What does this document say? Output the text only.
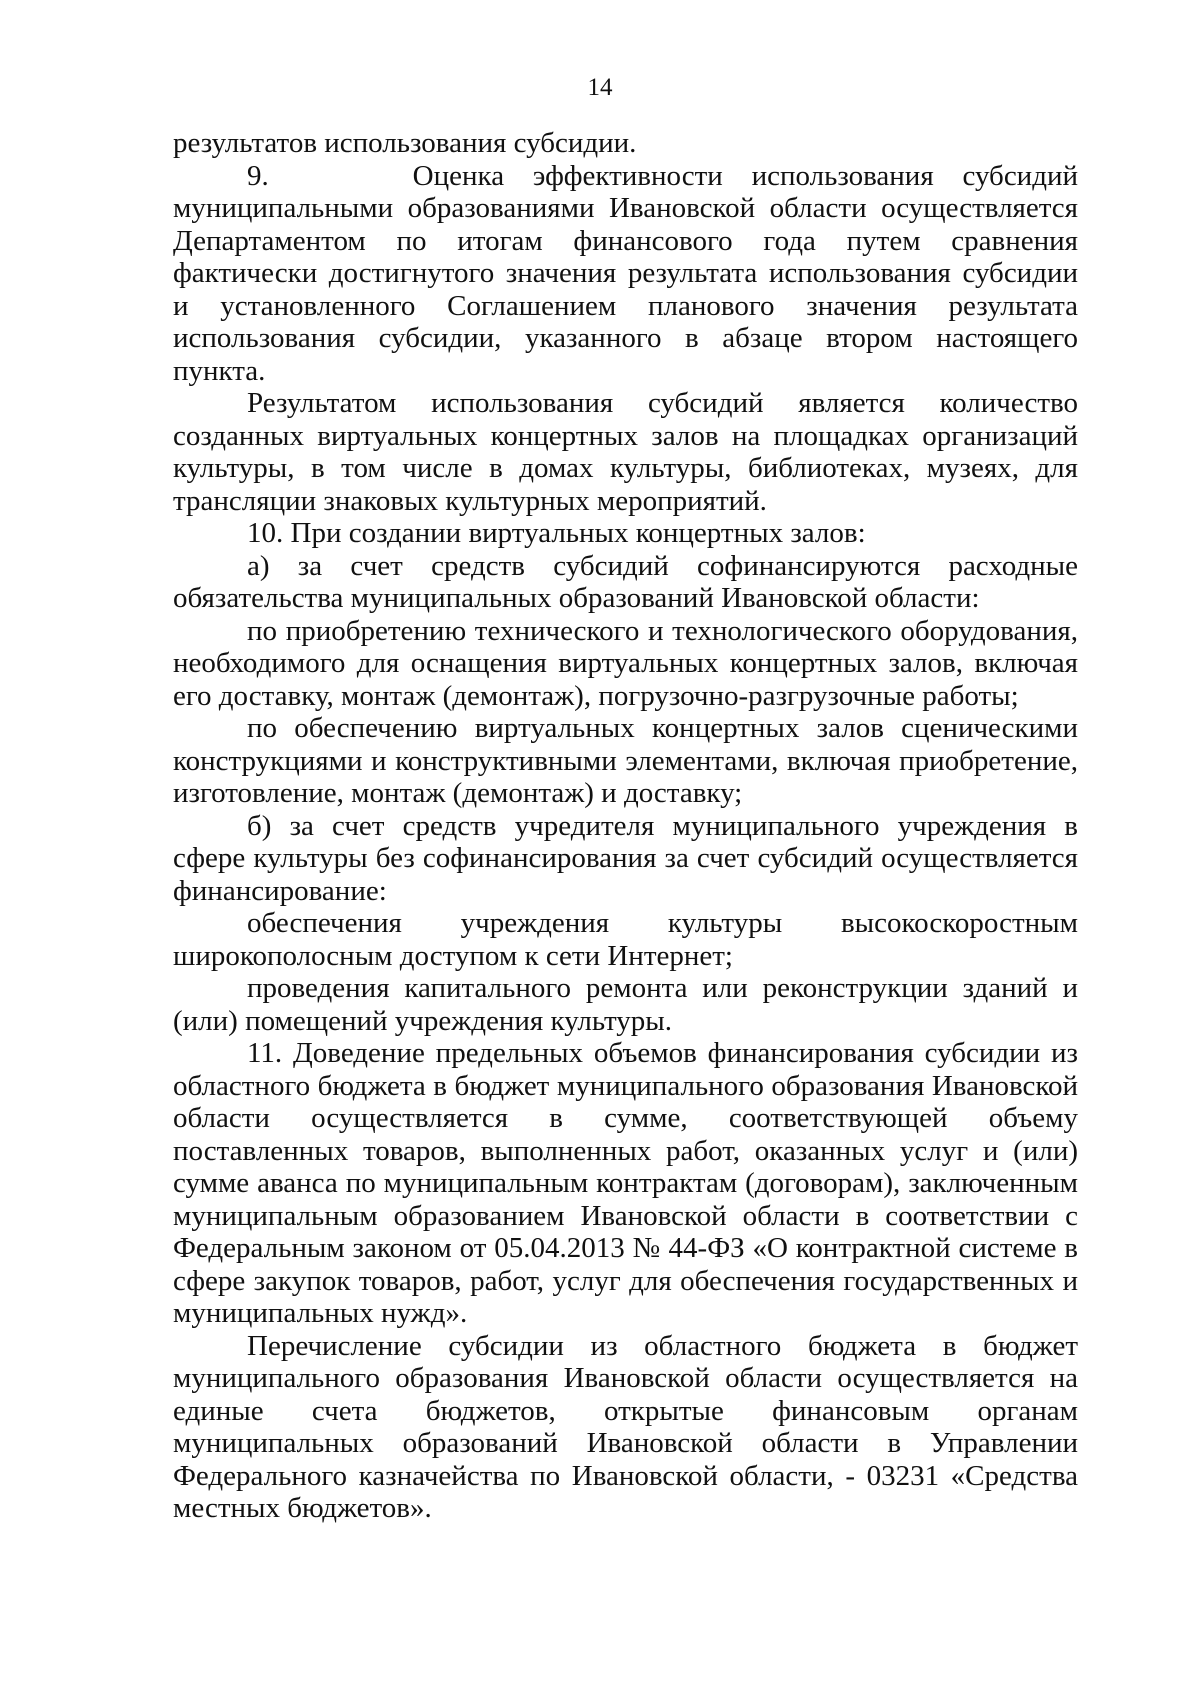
14

результатов использования субсидии.

9.     Оценка эффективности использования субсидий муниципальными образованиями Ивановской области осуществляется Департаментом по итогам финансового года путем сравнения фактически достигнутого значения результата использования субсидии и установленного Соглашением планового значения результата использования субсидии, указанного в абзаце втором настоящего пункта.

Результатом использования субсидий является количество созданных виртуальных концертных залов на площадках организаций культуры, в том числе в домах культуры, библиотеках, музеях, для трансляции знаковых культурных мероприятий.

10. При создании виртуальных концертных залов:

а) за счет средств субсидий софинансируются расходные обязательства муниципальных образований Ивановской области:

по приобретению технического и технологического оборудования, необходимого для оснащения виртуальных концертных залов, включая его доставку, монтаж (демонтаж), погрузочно-разгрузочные работы;

по обеспечению виртуальных концертных залов сценическими конструкциями и конструктивными элементами, включая приобретение, изготовление, монтаж (демонтаж) и доставку;

б) за счет средств учредителя муниципального учреждения в сфере культуры без софинансирования за счет субсидий осуществляется финансирование:

обеспечения учреждения культуры высокоскоростным широкополосным доступом к сети Интернет;

проведения капитального ремонта или реконструкции зданий и (или) помещений учреждения культуры.

11. Доведение предельных объемов финансирования субсидии из областного бюджета в бюджет муниципального образования Ивановской области осуществляется в сумме, соответствующей объему поставленных товаров, выполненных работ, оказанных услуг и (или) сумме аванса по муниципальным контрактам (договорам), заключенным муниципальным образованием Ивановской области в соответствии с Федеральным законом от 05.04.2013 № 44-ФЗ «О контрактной системе в сфере закупок товаров, работ, услуг для обеспечения государственных и муниципальных нужд».

Перечисление субсидии из областного бюджета в бюджет муниципального образования Ивановской области осуществляется на единые счета бюджетов, открытые финансовым органам муниципальных образований Ивановской области в Управлении Федерального казначейства по Ивановской области, - 03231 «Средства местных бюджетов».
